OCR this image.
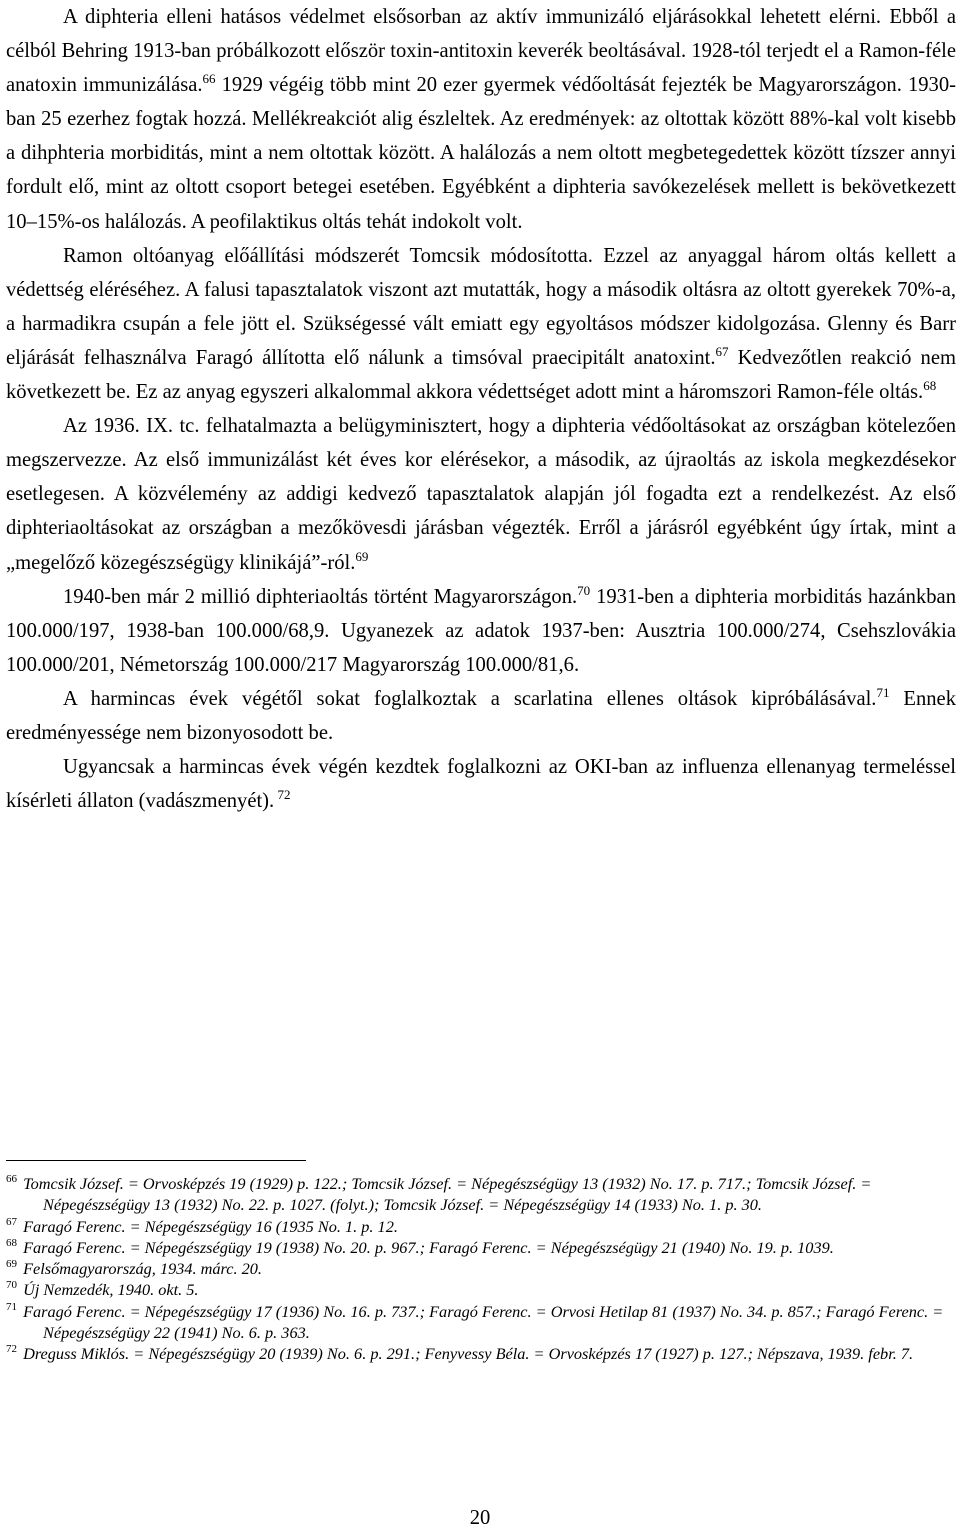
A diphteria elleni hatásos védelmet elsősorban az aktív immunizáló eljárásokkal lehetett elérni. Ebből a célból Behring 1913-ban próbálkozott először toxin-antitoxin keverék beoltásával. 1928-tól terjedt el a Ramon-féle anatoxin immunizálása.$^{66}$ 1929 végéig több mint 20 ezer gyermek védőoltását fejezték be Magyarországon. 1930-ban 25 ezerhez fogtak hozzá. Mellékreakciót alig észleltek. Az eredmények: az oltottak között 88%-kal volt kisebb a dihphteria morbiditás, mint a nem oltottak között. A halálozás a nem oltott megbetegedettek között tízszer annyi fordult elő, mint az oltott csoport betegei esetében. Egyébként a diphteria savókezelések mellett is bekövetkezett 10–15%-os halálozás. A peofilaktikus oltás tehát indokolt volt.

Ramon oltóanyag előállítási módszerét Tomcsik módosította. Ezzel az anyaggal három oltás kellett a védettség eléréséhez. A falusi tapasztalatok viszont azt mutatták, hogy a második oltásra az oltott gyerekek 70%-a, a harmadikra csupán a fele jött el. Szükségessé vált emiatt egy egyoltásos módszer kidolgozása. Glenny és Barr eljárását felhasználva Faragó állította elő nálunk a timsóval praecipitált anatoxint.$^{67}$ Kedvezőtlen reakció nem következett be. Ez az anyag egyszeri alkalommal akkora védettséget adott mint a háromszori Ramon-féle oltás.$^{68}$

Az 1936. IX. tc. felhatalmazta a belügyminisztert, hogy a diphteria védőoltásokat az országban kötelezően megszervezze. Az első immunizálást két éves kor elérésekor, a második, az újraoltás az iskola megkezdésekor esetlegesen. A közvélemény az addigi kedvező tapasztalatok alapján jól fogadta ezt a rendelkezést. Az első diphteriaoltásokat az országban a mezőkövesdi járásban végezték. Erről a járásról egyébként úgy írtak, mint a „megelőző közegészségügy klinikájá”-ról.$^{69}$

1940-ben már 2 millió diphteriaoltás történt Magyarországon.$^{70}$ 1931-ben a diphteria morbiditás hazánkban 100.000/197, 1938-ban 100.000/68,9. Ugyanezek az adatok 1937-ben: Ausztria 100.000/274, Csehszlovákia 100.000/201, Németország 100.000/217 Magyarország 100.000/81,6.

A harmincas évek végétől sokat foglalkoztak a scarlatina ellenes oltások kipróbálásával.$^{71}$ Ennek eredményessége nem bizonyosodott be.

Ugyancsak a harmincas évek végén kezdtek foglalkozni az OKI-ban az influenza ellenanyag termeléssel kísérleti állaton (vadászmenyét). $^{72}$

$^{66}$ Tomcsik József. = Orvosképzés 19 (1929) p. 122.; Tomcsik József. = Népegészségügy 13 (1932) No. 17. p. 717.; Tomcsik József. = Népegészségügy 13 (1932) No. 22. p. 1027. (folyt.); Tomcsik József. = Népegészségügy 14 (1933) No. 1. p. 30.
$^{67}$ Faragó Ferenc. = Népegészségügy 16 (1935 No. 1. p. 12.
$^{68}$ Faragó Ferenc. = Népegészségügy 19 (1938) No. 20. p. 967.; Faragó Ferenc. = Népegészségügy 21 (1940) No. 19. p. 1039.
$^{69}$ Felsőmagyarország, 1934. márc. 20.
$^{70}$ Új Nemzedék, 1940. okt. 5.
$^{71}$ Faragó Ferenc. = Népegészségügy 17 (1936) No. 16. p. 737.; Faragó Ferenc. = Orvosi Hetilap 81 (1937) No. 34. p. 857.; Faragó Ferenc. = Népegészségügy 22 (1941) No. 6. p. 363.
$^{72}$ Dreguss Miklós. = Népegészségügy 20 (1939) No. 6. p. 291.; Fenyvessy Béla. = Orvosképzés 17 (1927) p. 127.; Népszava, 1939. febr. 7.
20
